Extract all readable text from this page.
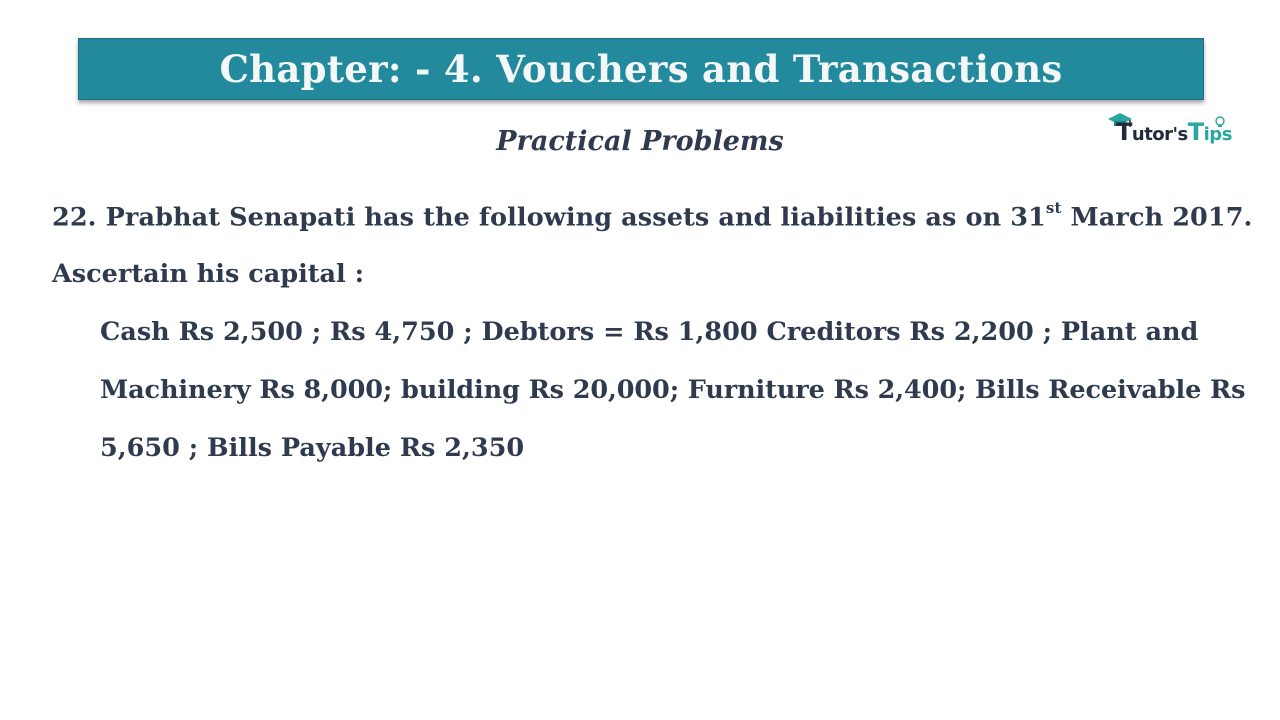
Chapter: - 4. Vouchers and Transactions
Practical Problems	Tutor'sTips
22. Prabhat Senapati has the following assets and liabilities as on 31st March 2017.
Ascertain his capital :
Cash Rs 2,500 ; Rs 4,750 ; Debtors = Rs 1,800 Creditors Rs 2,200 ; Plant and
Machinery Rs 8,000; building Rs 20,000; Furniture Rs 2,400; Bills Receivable Rs
5,650 ; Bills Payable Rs 2,350
